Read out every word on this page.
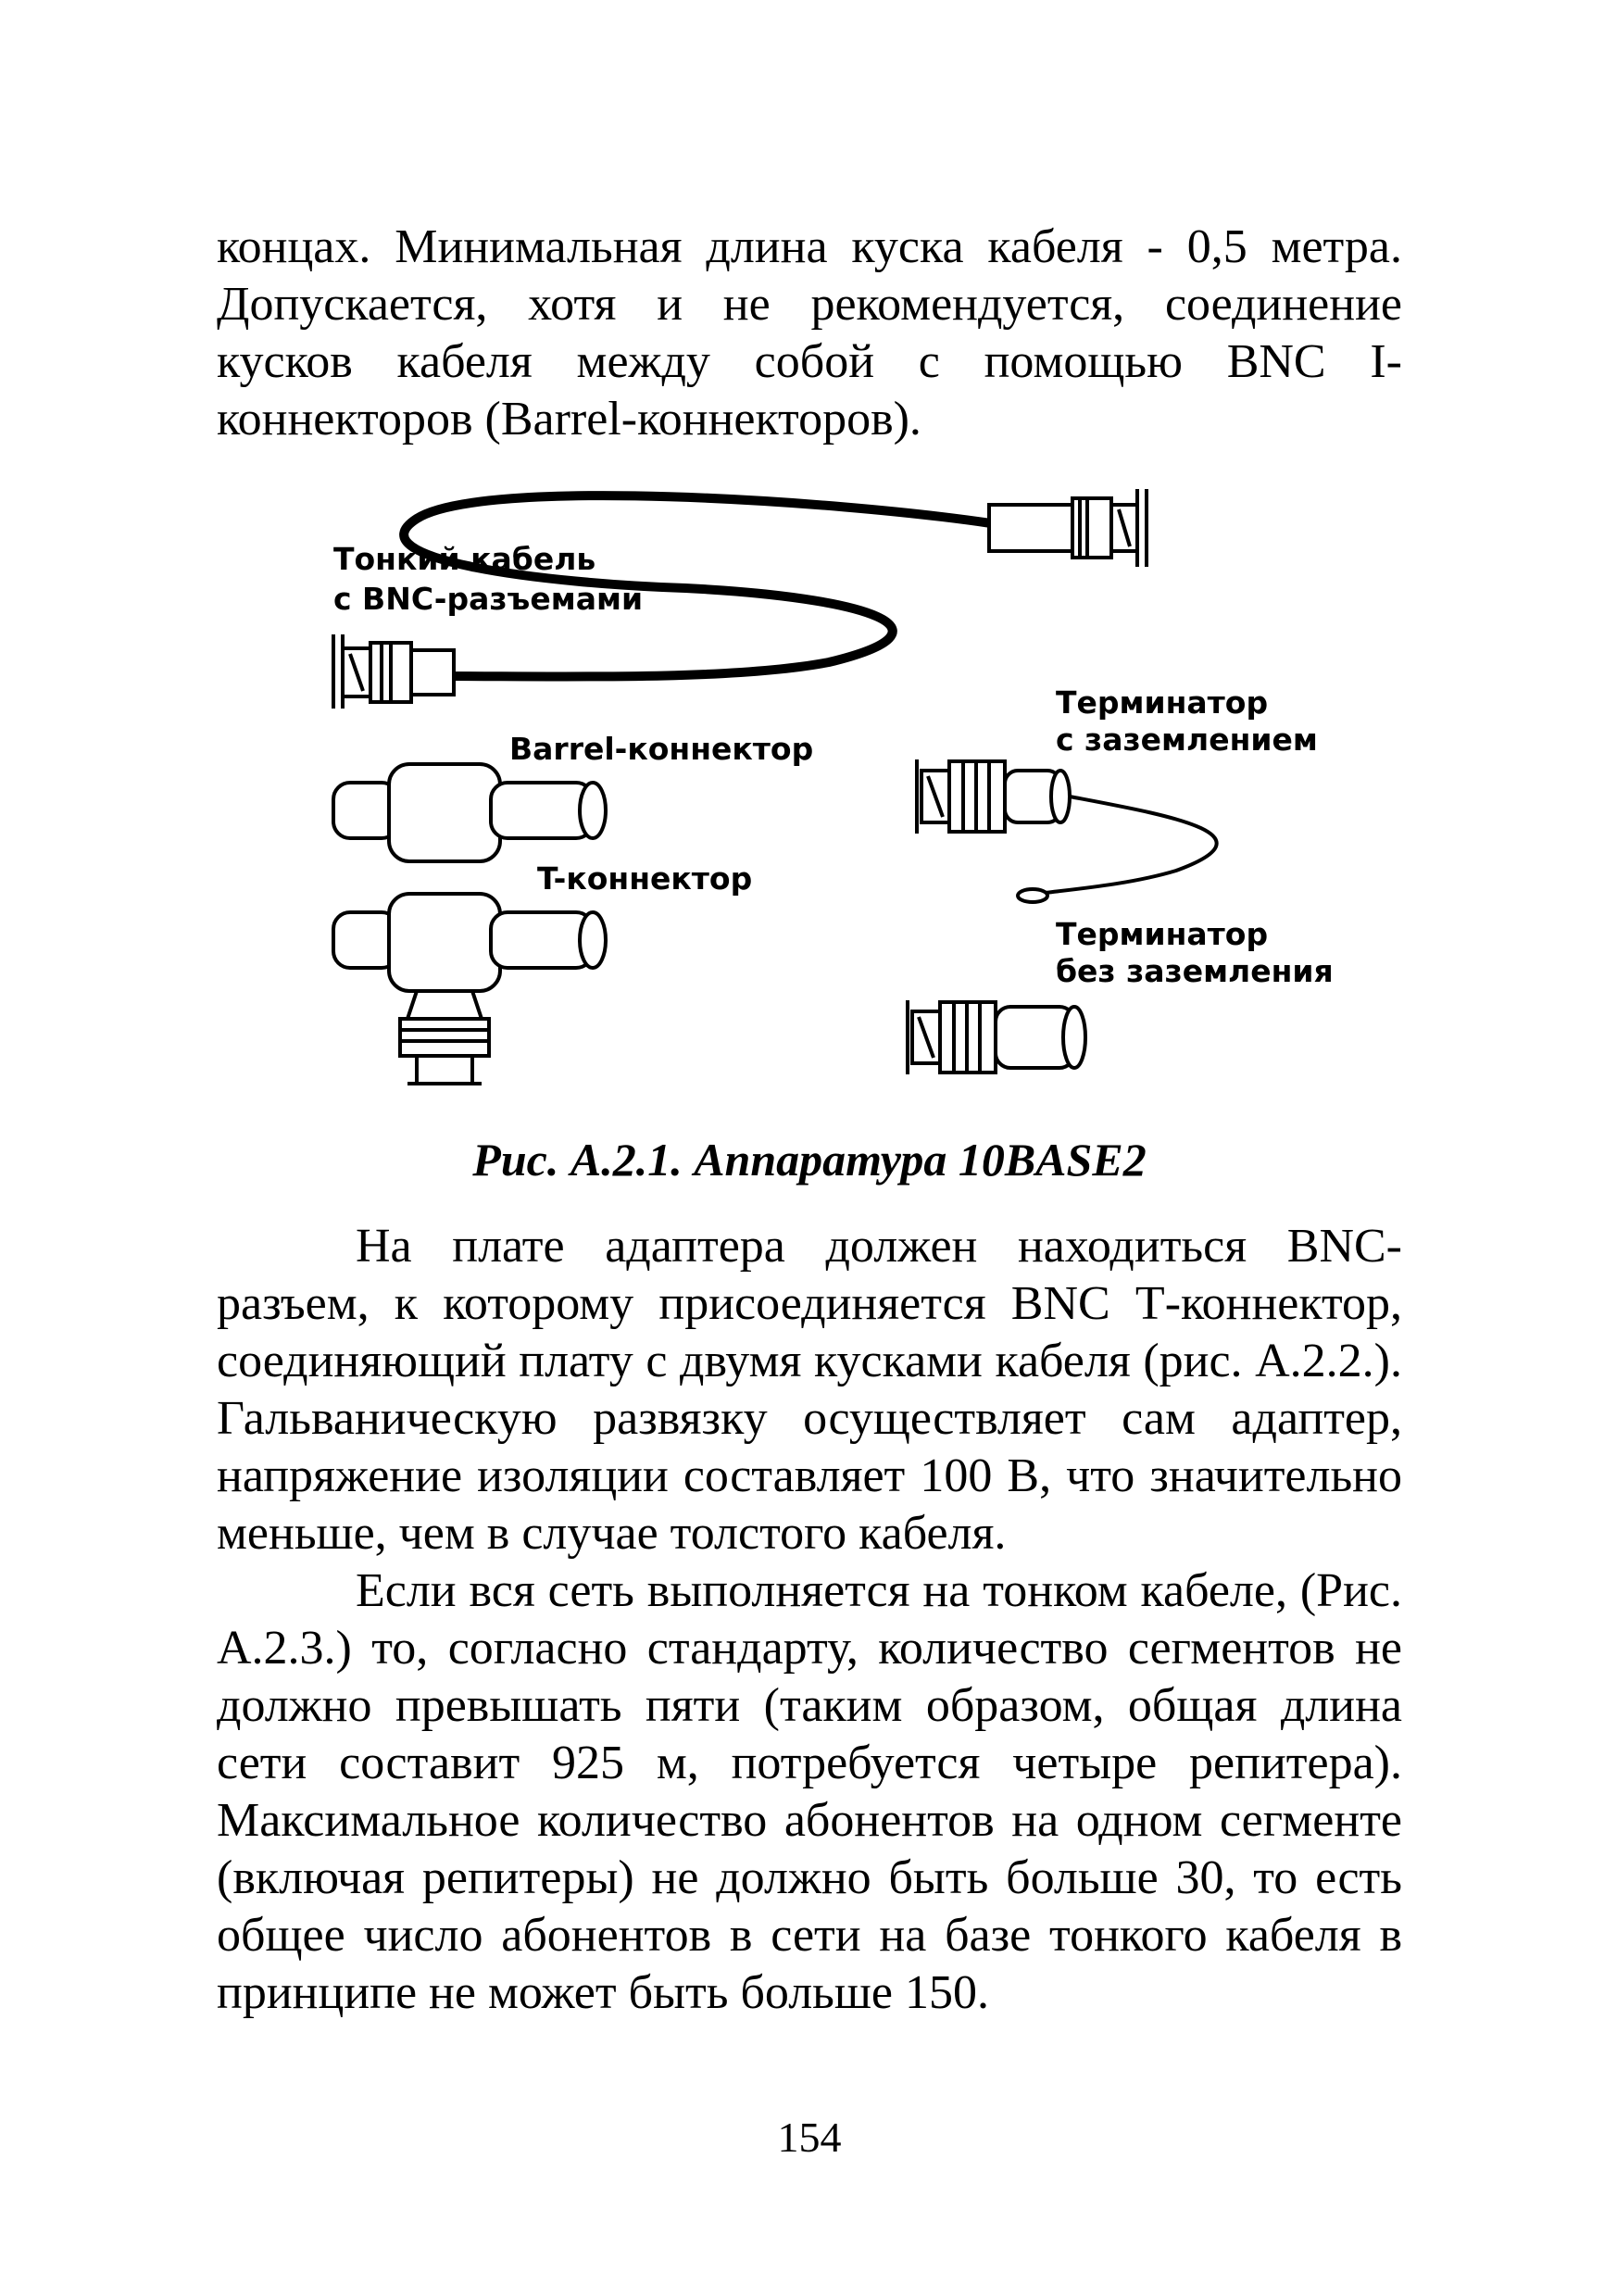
концах. Минимальная длина куска кабеля - 0,5 метра. Допускается, хотя и не рекомендуется, соединение кусков кабеля между собой с помощью BNC I-коннекторов (Barrel-коннекторов).

Тонкий кабель
с BNC-разъемами
Barrel-коннектор
T-коннектор
Терминатор
с заземлением
Терминатор
без заземления
Рис. А.2.1. Аппаратура 10BASE2

На плате адаптера должен находиться BNC-разъем, к которому присоединяется BNC Т-коннектор, соединяющий плату с двумя кусками кабеля (рис. А.2.2.). Гальваническую развязку осуществляет сам адаптер, напряжение изоляции составляет 100 В, что значительно меньше, чем в случае толстого кабеля.

Если вся сеть выполняется на тонком кабеле, (Рис. А.2.3.) то, согласно стандарту, количество сегментов не должно превышать пяти (таким образом, общая длина сети составит 925 м, потребуется четыре репитера). Максимальное количество абонентов на одном сегменте (включая репитеры) не должно быть больше 30, то есть общее число абонентов в сети на базе тонкого кабеля в принципе не может быть больше 150.

154
